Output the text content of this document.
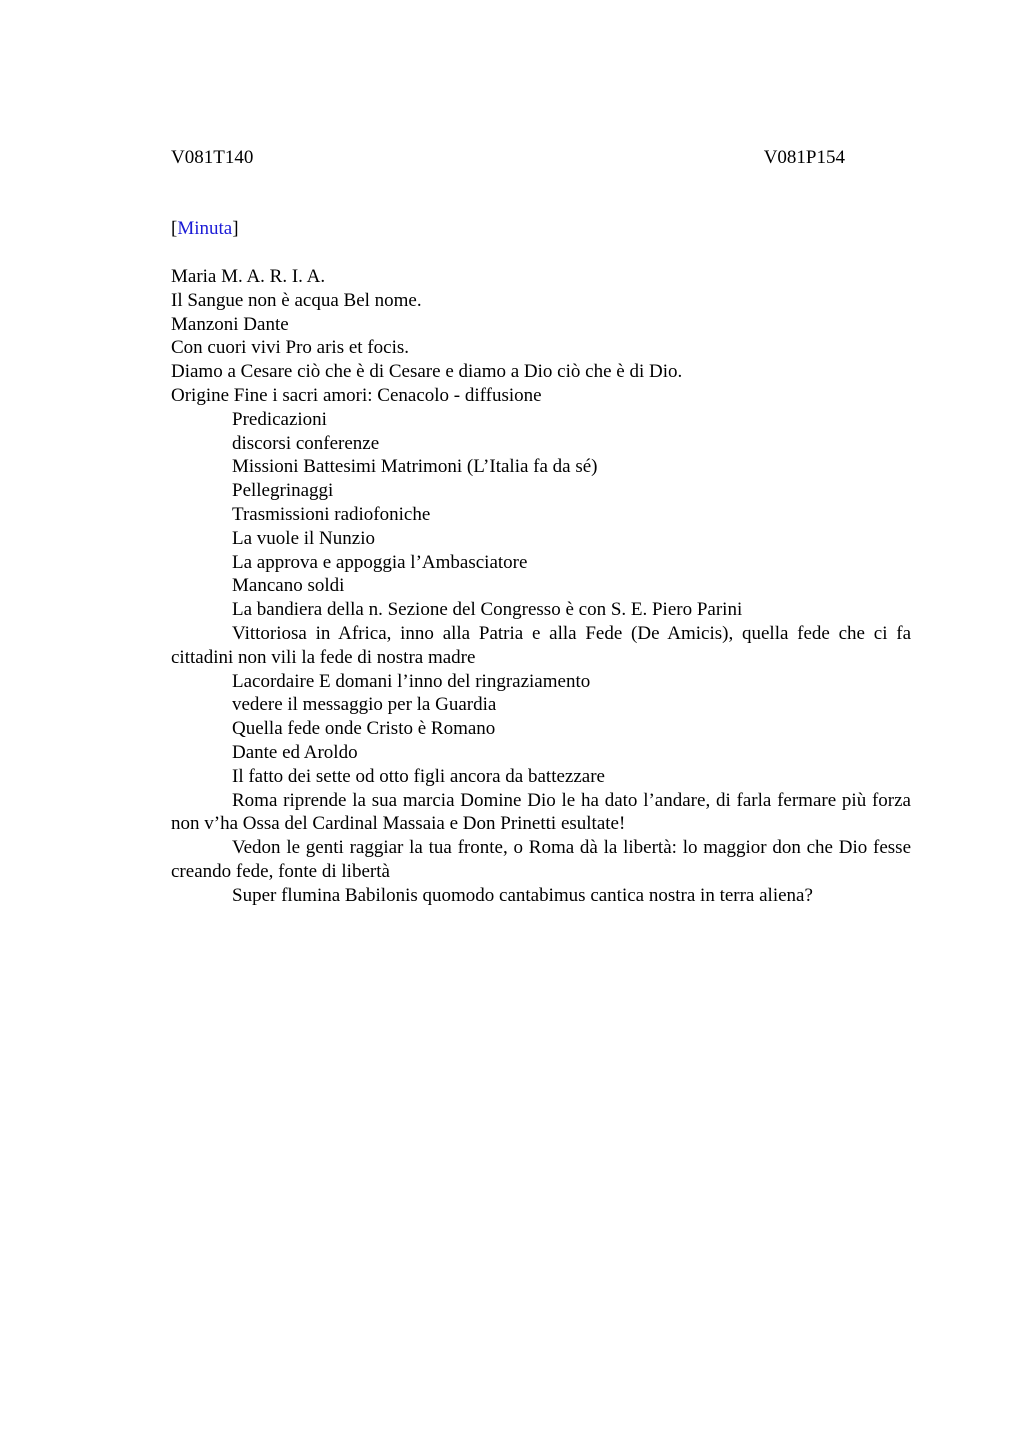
V081T140	V081P154
[Minuta]
Maria M. A. R. I. A.
Il Sangue non è acqua Bel nome.
Manzoni Dante
Con cuori vivi Pro aris et focis.
Diamo a Cesare ciò che è di Cesare e diamo a Dio ciò che è di Dio.
Origine Fine i sacri amori: Cenacolo - diffusione
Predicazioni
discorsi conferenze
Missioni Battesimi Matrimoni (L’Italia fa da sé)
Pellegrinaggi
Trasmissioni radiofoniche
La vuole il Nunzio
La approva e appoggia l’Ambasciatore
Mancano soldi
La bandiera della n. Sezione del Congresso è con S. E. Piero Parini
Vittoriosa in Africa, inno alla Patria e alla Fede (De Amicis), quella fede che ci fa cittadini non vili la fede di nostra madre
Lacordaire E domani l’inno del ringraziamento
vedere il messaggio per la Guardia
Quella fede onde Cristo è Romano
Dante ed Aroldo
Il fatto dei sette od otto figli ancora da battezzare
Roma riprende la sua marcia Domine Dio le ha dato l’andare, di farla fermare più forza non v’ha Ossa del Cardinal Massaia e Don Prinetti esultate!
Vedon le genti raggiar la tua fronte, o Roma dà la libertà: lo maggior don che Dio fesse creando fede, fonte di libertà
Super flumina Babilonis quomodo cantabimus cantica nostra in terra aliena?
